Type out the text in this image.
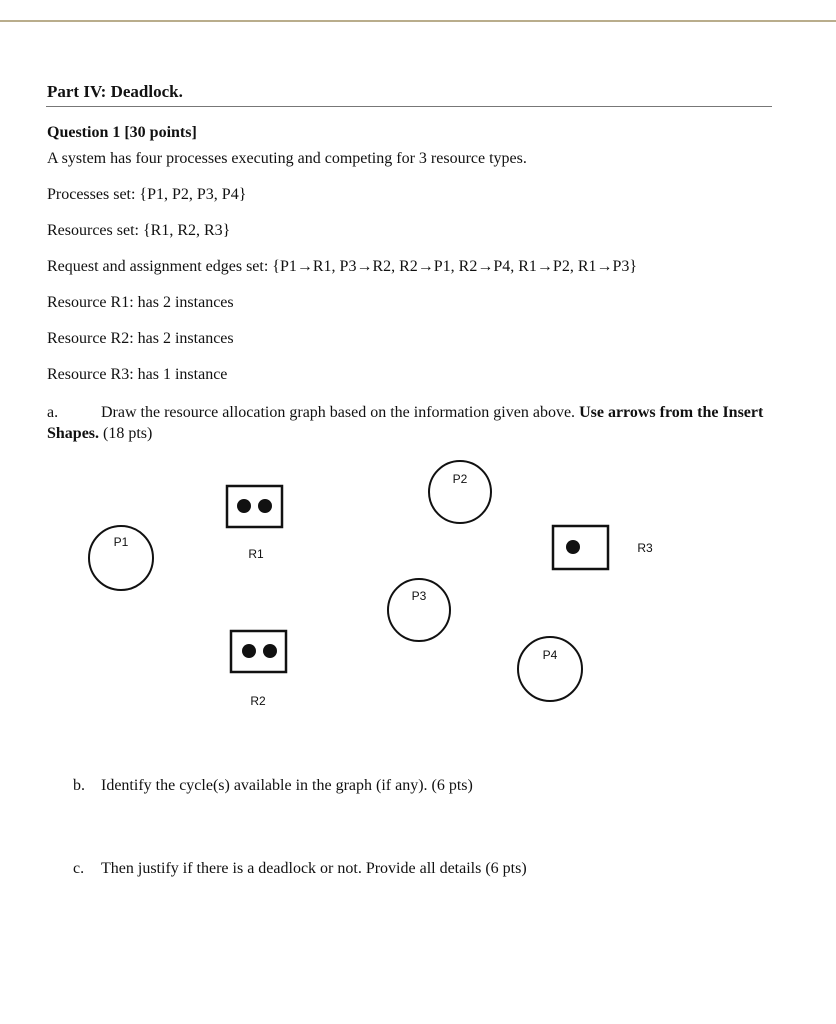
Part IV: Deadlock.
Question 1 [30 points]
A system has four processes executing and competing for 3 resource types.
Processes set: {P1, P2, P3, P4}
Resources set: {R1, R2, R3}
Request and assignment edges set: {P1→R1, P3→R2, R2→P1, R2→P4, R1→P2, R1→P3}
Resource R1: has 2 instances
Resource R2: has 2 instances
Resource R3: has 1 instance
a.	Draw the resource allocation graph based on the information given above. Use arrows from the Insert Shapes. (18 pts)
P2
R1
P1	R3
P3
R2
P4
b. Identify the cycle(s) available in the graph (if any). (6 pts)
c. Then justify if there is a deadlock or not. Provide all details (6 pts)
